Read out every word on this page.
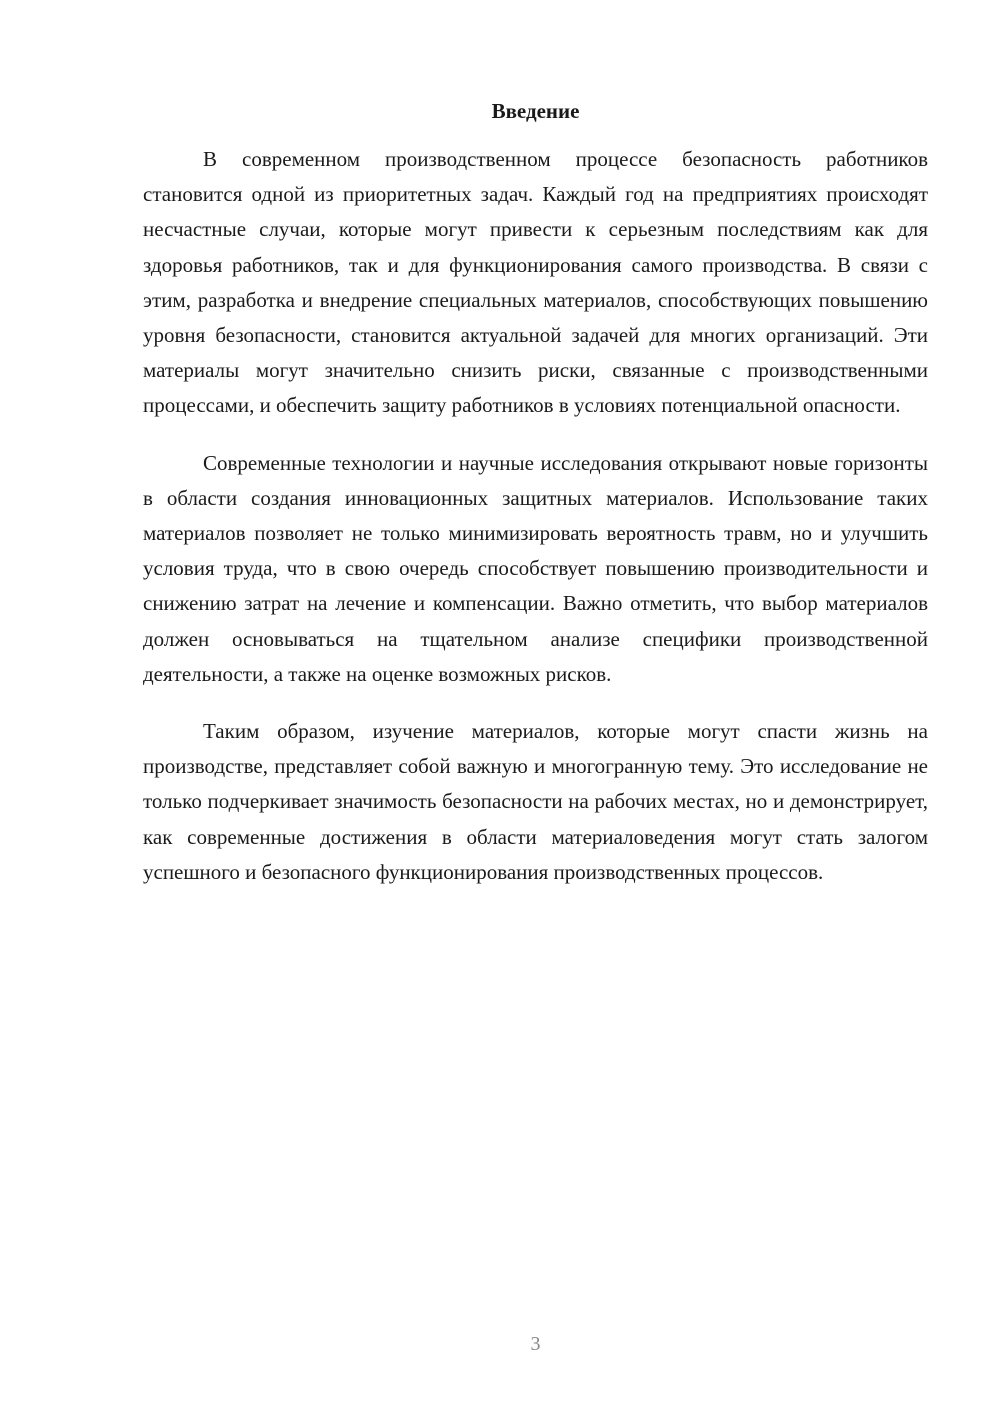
Введение

В современном производственном процессе безопасность работников становится одной из приоритетных задач. Каждый год на предприятиях происходят несчастные случаи, которые могут привести к серьезным последствиям как для здоровья работников, так и для функционирования самого производства. В связи с этим, разработка и внедрение специальных материалов, способствующих повышению уровня безопасности, становится актуальной задачей для многих организаций. Эти материалы могут значительно снизить риски, связанные с производственными процессами, и обеспечить защиту работников в условиях потенциальной опасности.

Современные технологии и научные исследования открывают новые горизонты в области создания инновационных защитных материалов. Использование таких материалов позволяет не только минимизировать вероятность травм, но и улучшить условия труда, что в свою очередь способствует повышению производительности и снижению затрат на лечение и компенсации. Важно отметить, что выбор материалов должен основываться на тщательном анализе специфики производственной деятельности, а также на оценке возможных рисков.

Таким образом, изучение материалов, которые могут спасти жизнь на производстве, представляет собой важную и многогранную тему. Это исследование не только подчеркивает значимость безопасности на рабочих местах, но и демонстрирует, как современные достижения в области материаловедения могут стать залогом успешного и безопасного функционирования производственных процессов.

3
